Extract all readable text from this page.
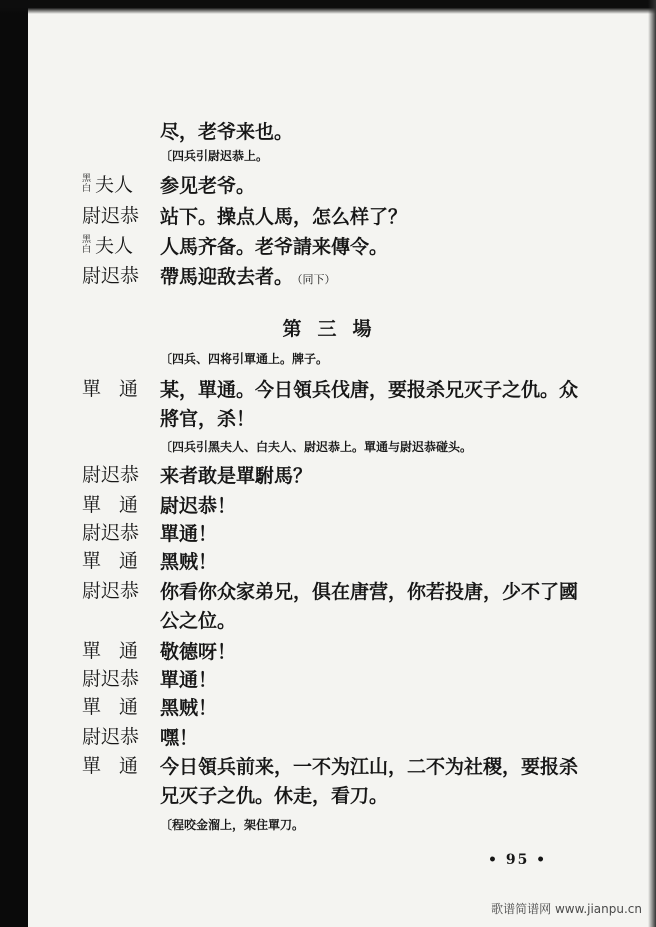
尽，老爷来也。
〔四兵引尉迟恭上。
黑白 夫人	参见老爷。
尉迟恭	站下。操点人馬，怎么样了？
黑白 夫人	人馬齐备。老爷請来傳令。
尉迟恭	帶馬迎敌去者。 （同下）
第三場
〔四兵、四将引單通上。牌子。
單通 某，單通。今日領兵伐唐，要报杀兄灭子之仇。众將官，杀！
〔四兵引黑夫人、白夫人、尉迟恭上。單通与尉迟恭碰头。
尉迟恭	来者敢是單駙馬？
單通 尉迟恭！
尉迟恭	單通！
單通 黑贼！
尉迟恭	你看你众家弟兄，俱在唐营，你若投唐，少不了國公之位。
單通 敬德呀！
尉迟恭	單通！
單通 黑贼！
尉迟恭	嘿！
單通 今日領兵前来，一不为江山，二不为社稷，要报杀兄灭子之仇。休走，看刀。
〔程咬金溜上，架住單刀。
• 95 •
歌谱简谱网 www.jianpu.cn
